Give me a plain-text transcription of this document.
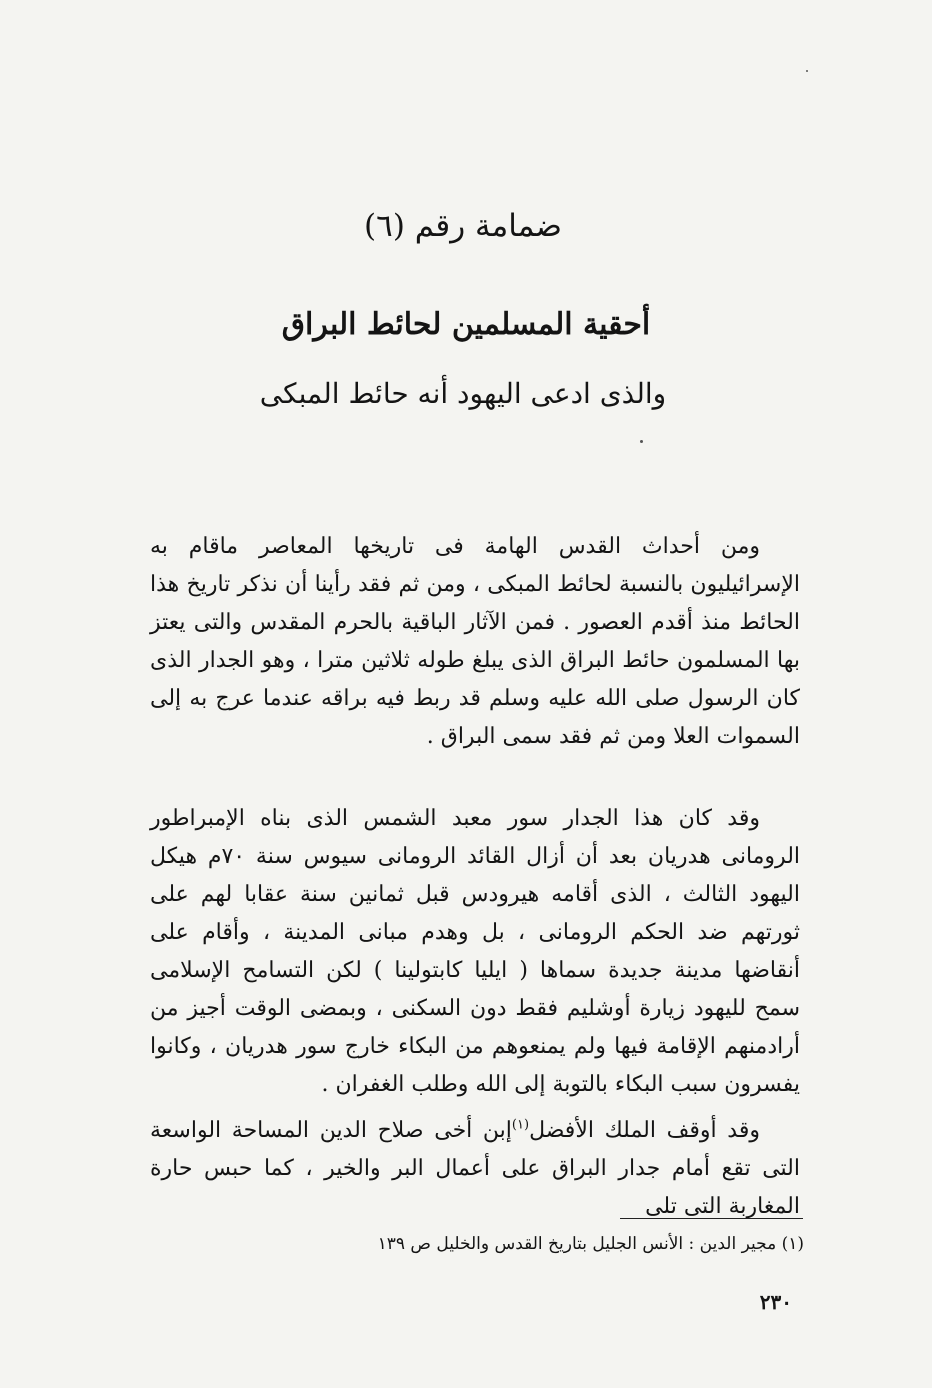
ضمامة رقم (٦)
أحقية المسلمين لحائط البراق
والذى ادعى اليهود أنه حائط المبكى

ومن أحداث القدس الهامة فى تاريخها المعاصر ماقام به الإسرائيليون بالنسبة لحائط المبكى ، ومن ثم فقد رأينا أن نذكر تاريخ هذا الحائط منذ أقدم العصور . فمن الآثار الباقية بالحرم المقدس والتى يعتز بها المسلمون حائط البراق الذى يبلغ طوله ثلاثين مترا ، وهو الجدار الذى كان الرسول صلى الله عليه وسلم قد ربط فيه براقه عندما عرج به إلى السموات العلا ومن ثم فقد سمى البراق .

وقد كان هذا الجدار سور معبد الشمس الذى بناه الإمبراطور الرومانى هدريان بعد أن أزال القائد الرومانى سيوس سنة ٧٠م هيكل اليهود الثالث ، الذى أقامه هيرودس قبل ثمانين سنة عقابا لهم على ثورتهم ضد الحكم الرومانى ، بل وهدم مبانى المدينة ، وأقام على أنقاضها مدينة جديدة سماها ( ايليا كابتولينا ) لكن التسامح الإسلامى سمح لليهود زيارة أوشليم فقط دون السكنى ، وبمضى الوقت أجيز من أرادمنهم الإقامة فيها ولم يمنعوهم من البكاء خارج سور هدريان ، وكانوا يفسرون سبب البكاء بالتوبة إلى الله وطلب الغفران .

وقد أوقف الملك الأفضل$^{(١)}$إبن أخى صلاح الدين المساحة الواسعة التى تقع أمام جدار البراق على أعمال البر والخير ، كما حبس حارة المغاربة التى تلى

(١) مجير الدين : الأنس الجليل بتاريخ القدس والخليل ص ١٣٩
٢٣٠
